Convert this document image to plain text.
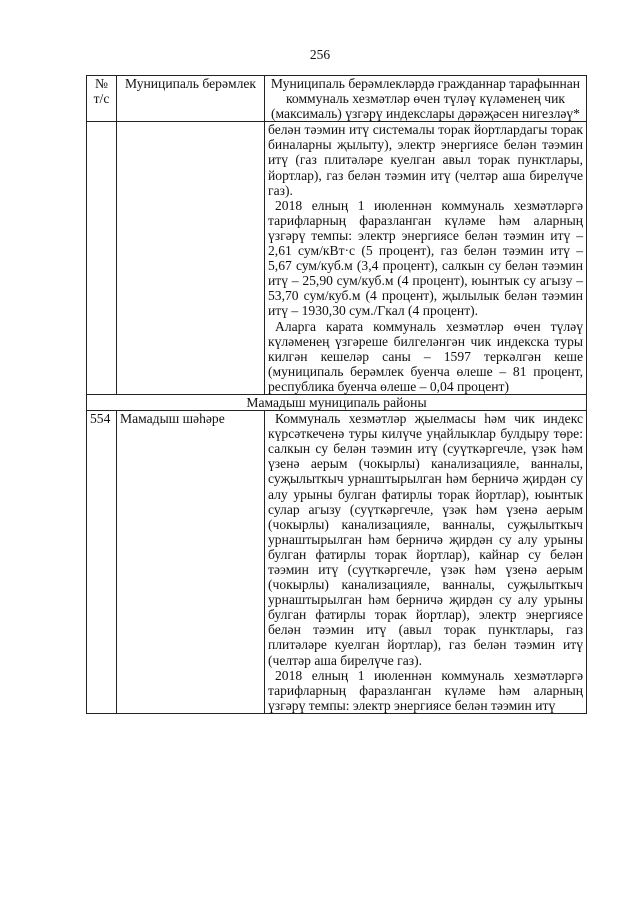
256
№ т/с	Муниципаль берәмлек	Муниципаль берәмлекләрдә гражданнар тарафыннан коммуналь хезмәтләр өчен түләү күләменең чик (максималь) үзгәрү индекслары дәрәҗәсен нигезләү*

		белән тәэмин итү системалы торак йортлардагы торак биналарны җылыту), электр энергиясе белән тәэмин итү (газ плитәләре куелган авыл торак пунктлары, йортлар), газ белән тәэмин итү (челтәр аша бирелүче газ).

2018 елның 1 июленнән коммуналь хезмәтләргә тарифларның фаразланган күләме һәм аларның үзгәрү темпы: электр энергиясе белән тәэмин итү – 2,61 сум/кВт·с (5 процент), газ белән тәэмин итү – 5,67 сум/куб.м (3,4 процент), салкын су белән тәэмин итү – 25,90 сум/куб.м (4 процент), юынтык су агызу – 53,70 сум/куб.м (4 процент), җылылык белән тәэмин итү – 1930,30 сум./Гкал (4 процент).

Аларга карата коммуналь хезмәтләр өчен түләү күләменең үзгәреше билгеләнгән чик индекска туры килгән кешеләр саны – 1597 теркәлгән кеше (муниципаль берәмлек буенча өлеше – 81 процент, республика буенча өлеше – 0,04 процент)

Мамадыш муниципаль районы		
554	Мамадыш шәһәре	Коммуналь хезмәтләр җыелмасы һәм чик индекс күрсәткеченә туры килүче уңайлыклар булдыру төре: салкын су белән тәэмин итү (суүткәргечле, үзәк һәм үзенә аерым (чокырлы) канализацияле, ванналы, суҗылыткыч урнаштырылган һәм берничә җирдән су алу урыны булган фатирлы торак йортлар), юынтык сулар агызу (суүткәргечле, үзәк һәм үзенә аерым (чокырлы) канализацияле, ванналы, суҗылыткыч урнаштырылган һәм берничә җирдән су алу урыны булган фатирлы торак йортлар), кайнар су белән тәэмин итү (суүткәргечле, үзәк һәм үзенә аерым (чокырлы) канализацияле, ванналы, суҗылыткыч урнаштырылган һәм берничә җирдән су алу урыны булган фатирлы торак йортлар), электр энергиясе белән тәэмин итү (авыл торак пунктлары, газ плитәләре куелган йортлар), газ белән тәэмин итү (челтәр аша бирелүче газ).

2018 елның 1 июленнән коммуналь хезмәтләргә тарифларның фаразланган күләме һәм аларның үзгәрү темпы: электр энергиясе белән тәэмин итү
